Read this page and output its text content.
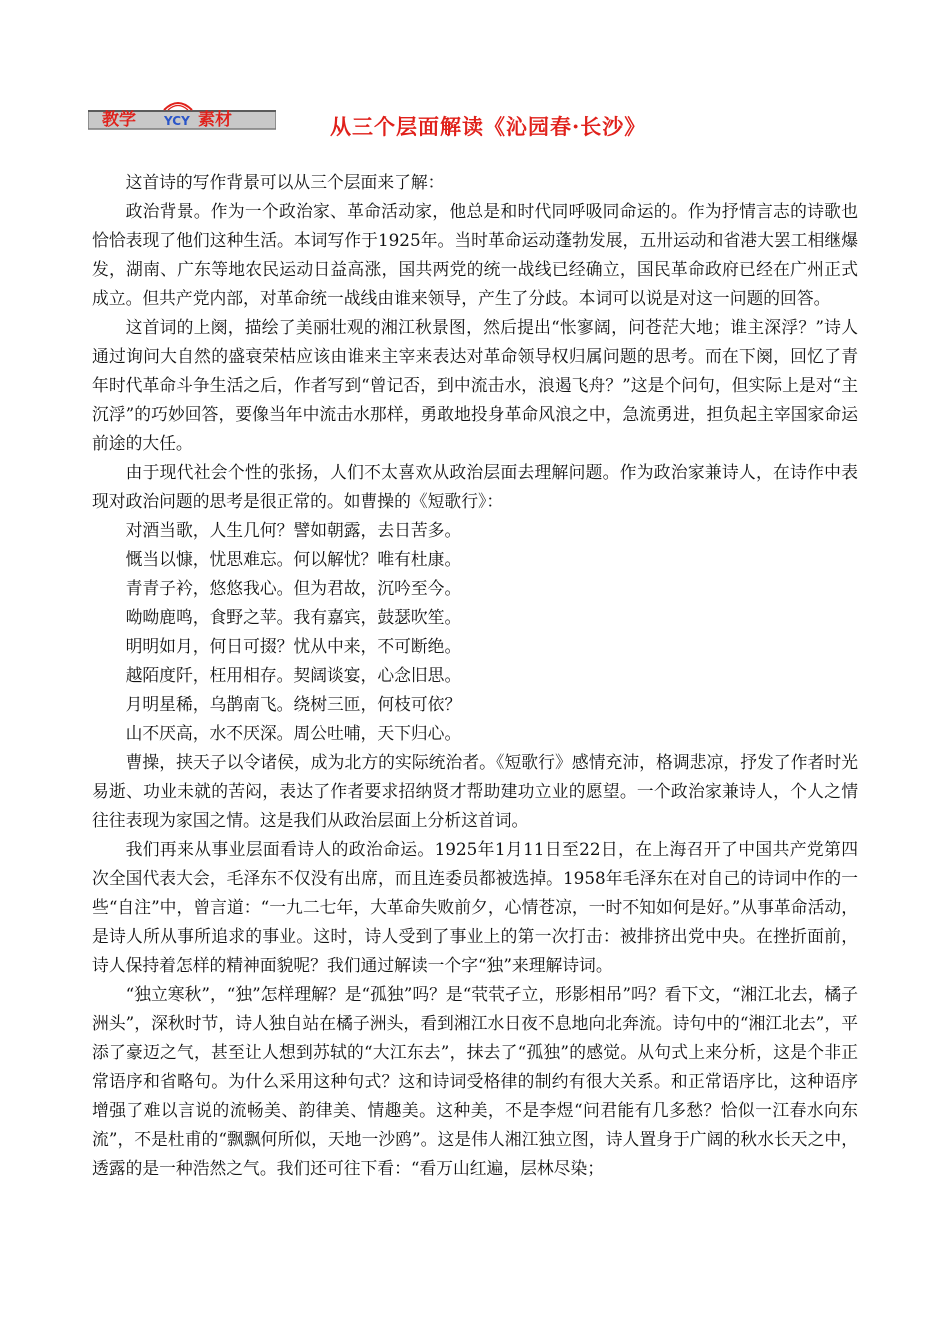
教学 YCY 素材	从三个层面解读《沁园春·长沙》

这首诗的写作背景可以从三个层面来了解：

政治背景。作为一个政治家、革命活动家，他总是和时代同呼吸同命运的。作为抒情言志的诗歌也恰恰表现了他们这种生活。本词写作于1925年。当时革命运动蓬勃发展，五卅运动和省港大罢工相继爆发，湖南、广东等地农民运动日益高涨，国共两党的统一战线已经确立，国民革命政府已经在广州正式成立。但共产党内部，对革命统一战线由谁来领导，产生了分歧。本词可以说是对这一问题的回答。

这首词的上阕，描绘了美丽壮观的湘江秋景图，然后提出“怅寥阔，问苍茫大地；谁主深浮？”诗人通过询问大自然的盛衰荣枯应该由谁来主宰来表达对革命领导权归属问题的思考。而在下阕，回忆了青年时代革命斗争生活之后，作者写到“曾记否，到中流击水，浪遏飞舟？”这是个问句，但实际上是对“主沉浮”的巧妙回答，要像当年中流击水那样，勇敢地投身革命风浪之中，急流勇进，担负起主宰国家命运前途的大任。

由于现代社会个性的张扬，人们不太喜欢从政治层面去理解问题。作为政治家兼诗人，在诗作中表现对政治问题的思考是很正常的。如曹操的《短歌行》：

对酒当歌，人生几何？譬如朝露，去日苦多。

慨当以慷，忧思难忘。何以解忧？唯有杜康。

青青子衿，悠悠我心。但为君故，沉吟至今。

呦呦鹿鸣，食野之苹。我有嘉宾，鼓瑟吹笙。

明明如月，何日可掇？忧从中来，不可断绝。

越陌度阡，枉用相存。契阔谈宴，心念旧思。

月明星稀，乌鹊南飞。绕树三匝，何枝可依？

山不厌高，水不厌深。周公吐哺，天下归心。

曹操，挟天子以令诸侯，成为北方的实际统治者。《短歌行》感情充沛，格调悲凉，抒发了作者时光易逝、功业未就的苦闷，表达了作者要求招纳贤才帮助建功立业的愿望。一个政治家兼诗人，个人之情往往表现为家国之情。这是我们从政治层面上分析这首词。

我们再来从事业层面看诗人的政治命运。1925年1月11日至22日，在上海召开了中国共产党第四次全国代表大会，毛泽东不仅没有出席，而且连委员都被选掉。1958年毛泽东在对自己的诗词中作的一些“自注”中，曾言道：“一九二七年，大革命失败前夕，心情苍凉，一时不知如何是好。”从事革命活动，是诗人所从事所追求的事业。这时，诗人受到了事业上的第一次打击：被排挤出党中央。在挫折面前，诗人保持着怎样的精神面貌呢？我们通过解读一个字“独”来理解诗词。

“独立寒秋”，“独”怎样理解？是“孤独”吗？是“茕茕孑立，形影相吊”吗？看下文，“湘江北去，橘子洲头”，深秋时节，诗人独自站在橘子洲头，看到湘江水日夜不息地向北奔流。诗句中的“湘江北去”，平添了豪迈之气，甚至让人想到苏轼的“大江东去”，抹去了“孤独”的感觉。从句式上来分析，这是个非正常语序和省略句。为什么采用这种句式？这和诗词受格律的制约有很大关系。和正常语序比，这种语序增强了难以言说的流畅美、韵律美、情趣美。这种美，不是李煜“问君能有几多愁？恰似一江春水向东流”，不是杜甫的“飘飘何所似，天地一沙鸥”。这是伟人湘江独立图，诗人置身于广阔的秋水长天之中，透露的是一种浩然之气。我们还可往下看：“看万山红遍，层林尽染；
